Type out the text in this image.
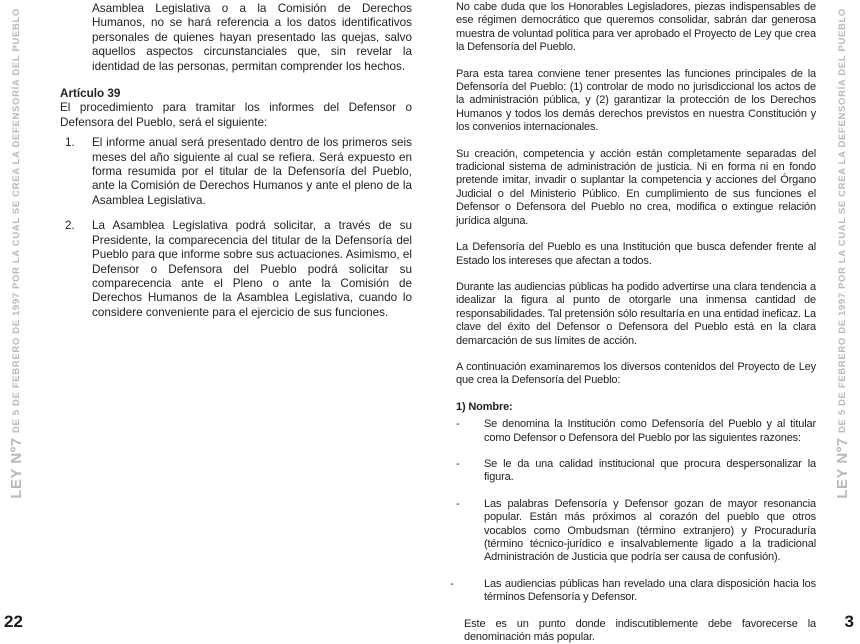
LEY Nº7 DE 5 DE FEBRERO DE 1997 POR LA CUAL SE CREA LA DEFENSORÍA DEL PUEBLO
22
LEY Nº7 DE 5 DE FEBRERO DE 1997 POR LA CUAL SE CREA LA DEFENSORÍA DEL PUEBLO
3

Asamblea Legislativa o a la Comisión de Derechos Humanos, no se hará referencia a los datos identificativos personales de quienes hayan presentado las quejas, salvo aquellos aspectos circunstanciales que, sin revelar la identidad de las personas, permitan comprender los hechos.

Artículo 39

El procedimiento para tramitar los informes del Defensor o Defensora del Pueblo, será el siguiente:

1. El informe anual será presentado dentro de los primeros seis meses del año siguiente al cual se refiera. Será expuesto en forma resumida por el titular de la Defensoría del Pueblo, ante la Comisión de Derechos Humanos y ante el pleno de la Asamblea Legislativa.
2. La Asamblea Legislativa podrá solicitar, a través de su Presidente, la comparecencia del titular de la Defensoría del Pueblo para que informe sobre sus actuaciones. Asimismo, el Defensor o Defensora del Pueblo podrá solicitar su comparecencia ante el Pleno o ante la Comisión de Derechos Humanos de la Asamblea Legislativa, cuando lo considere conveniente para el ejercicio de sus funciones.

No cabe duda que los Honorables Legisladores, piezas indispensables de ese régimen democrático que queremos consolidar, sabrán dar generosa muestra de voluntad política para ver aprobado el Proyecto de Ley que crea la Defensoría del Pueblo.

Para esta tarea conviene tener presentes las funciones principales de la Defensoría del Pueblo: (1) controlar de modo no jurisdiccional los actos de la administración pública, y (2) garantizar la protección de los Derechos Humanos y todos los demás derechos previstos en nuestra Constitución y los convenios internacionales.

Su creación, competencia y acción están completamente separadas del tradicional sistema de administración de justicia. Ni en forma ni en fondo pretende imitar, invadir o suplantar la competencia y acciones del Órgano Judicial o del Ministerio Público. En cumplimiento de sus funciones el Defensor o Defensora del Pueblo no crea, modifica o extingue relación jurídica alguna.

La Defensoría del Pueblo es una Institución que busca defender frente al Estado los intereses que afectan a todos.

Durante las audiencias públicas ha podido advertirse una clara tendencia a idealizar la figura al punto de otorgarle una inmensa cantidad de responsabilidades. Tal pretensión sólo resultaría en una entidad ineficaz. La clave del éxito del Defensor o Defensora del Pueblo está en la clara demarcación de sus límites de acción.

A continuación examinaremos los diversos contenidos del Proyecto de Ley que crea la Defensoría del Pueblo:

1) Nombre:
- Se denomina la Institución como Defensoría del Pueblo y al titular como Defensor o Defensora del Pueblo por las siguientes razones:
- Se le da una calidad institucional que procura despersonalizar la figura.
- Las palabras Defensoría y Defensor gozan de mayor resonancia popular. Están más próximos al corazón del pueblo que otros vocablos como Ombudsman (término extranjero) y Procuraduría (término técnico-jurídico e insalvablemente ligado a la tradicional Administración de Justicia que podría ser causa de confusión).
-	Las audiencias públicas han revelado una clara disposición hacia los términos Defensoría y Defensor.

Este es un punto donde indiscutiblemente debe favorecerse la denominación más popular.
